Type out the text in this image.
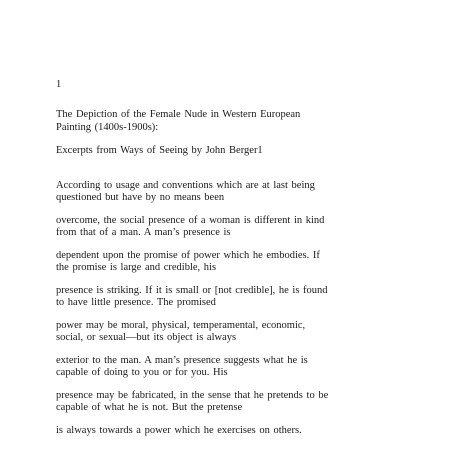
1
The Depiction of the Female Nude in Western European
Painting (1400s-1900s):
Excerpts from Ways of Seeing by John Berger1
According to usage and conventions which are at last being
questioned but have by no means been
overcome, the social presence of a woman is different in kind
from that of a man. A man’s presence is
dependent upon the promise of power which he embodies. If
the promise is large and credible, his
presence is striking. If it is small or [not credible], he is found
to have little presence. The promised
power may be moral, physical, temperamental, economic,
social, or sexual—but its object is always
exterior to the man. A man’s presence suggests what he is
capable of doing to you or for you. His
presence may be fabricated, in the sense that he pretends to be
capable of what he is not. But the pretense
is always towards a power which he exercises on others.
